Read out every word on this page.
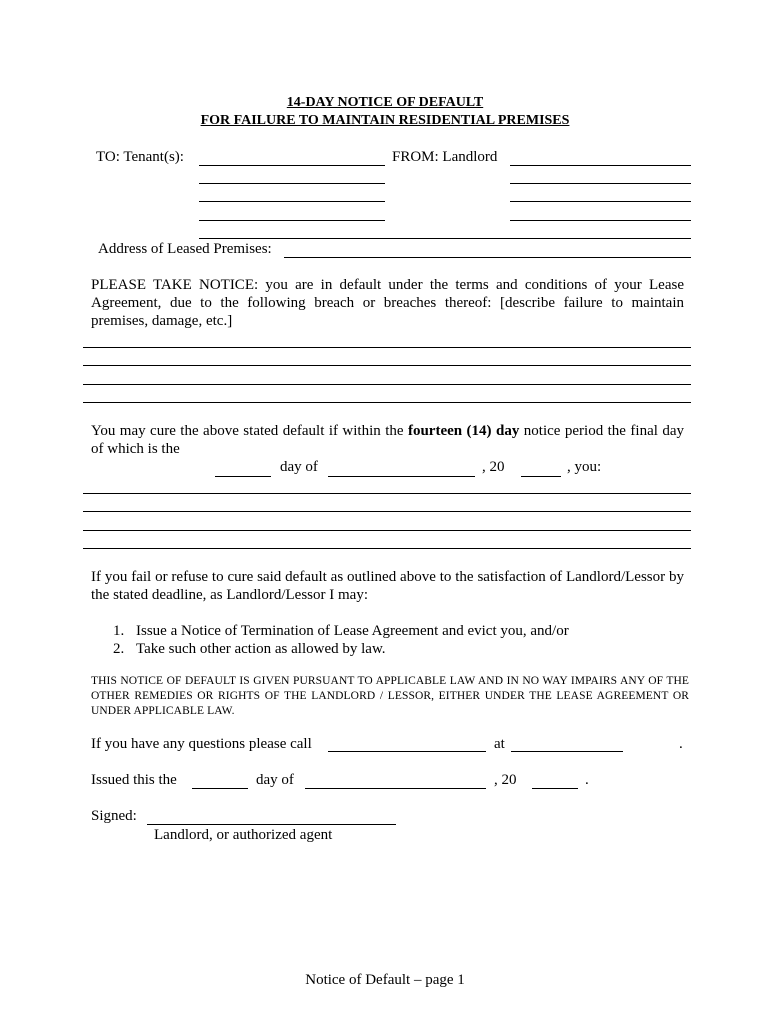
14-DAY NOTICE OF DEFAULT
FOR FAILURE TO MAINTAIN RESIDENTIAL PREMISES
TO: Tenant(s):	FROM: Landlord
Address of Leased Premises:
PLEASE TAKE NOTICE: you are in default under the terms and conditions of your Lease Agreement, due to the following breach or breaches thereof: [describe failure to maintain premises, damage, etc.]
You may cure the above stated default if within the fourteen (14) day notice period the final day of which is the
day of	, 20	, you:
If you fail or refuse to cure said default as outlined above to the satisfaction of Landlord/Lessor by the stated deadline, as Landlord/Lessor I may:
1. Issue a Notice of Termination of Lease Agreement and evict you, and/or
2. Take such other action as allowed by law.
THIS NOTICE OF DEFAULT IS GIVEN PURSUANT TO APPLICABLE LAW AND IN NO WAY IMPAIRS ANY OF THE OTHER REMEDIES OR RIGHTS OF THE LANDLORD / LESSOR, EITHER UNDER THE LEASE AGREEMENT OR UNDER APPLICABLE LAW.
If you have any questions please call	at	.
Issued this the	day of	, 20	.
Signed:
Landlord, or authorized agent
Notice of Default – page 1
